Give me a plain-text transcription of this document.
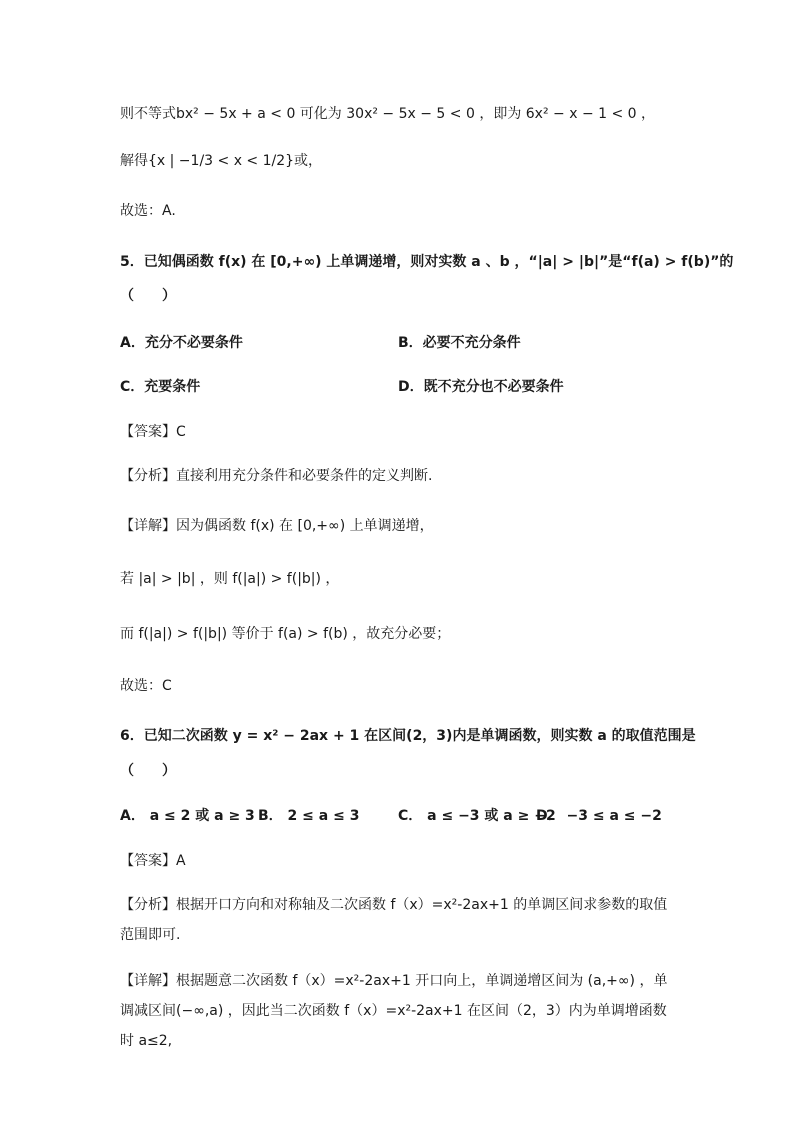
则不等式bx² − 5x + a < 0 可化为 30x² − 5x − 5 < 0 ，即为 6x² − x − 1 < 0 ，
解得{x | −1/3 < x < 1/2}或，
故选：A.
5．已知偶函数 f(x) 在 [0,+∞) 上单调递增，则对实数 a 、b ，“|a| > |b|”是“f(a) > f(b)”的
（　　）
A．充分不必要条件	B．必要不充分条件
C．充要条件	D．既不充分也不必要条件
【答案】C
【分析】直接利用充分条件和必要条件的定义判断.
【详解】因为偶函数 f(x) 在 [0,+∞) 上单调递增，
若 |a| > |b| ，则 f(|a|) > f(|b|) ，
而 f(|a|) > f(|b|) 等价于 f(a) > f(b) ，故充分必要；
故选：C
6．已知二次函数 y = x² − 2ax + 1 在区间(2，3)内是单调函数，则实数 a 的取值范围是
（　　）
A． a ≤ 2 或 a ≥ 3 B． 2 ≤ a ≤ 3	C． a ≤ −3 或 a ≥ −2
D． −3 ≤ a ≤ −2
【答案】A
【分析】根据开口方向和对称轴及二次函数 f（x）=x²-2ax+1 的单调区间求参数的取值范围即可.
【详解】根据题意二次函数 f（x）=x²-2ax+1 开口向上，单调递增区间为 (a,+∞) ，单调减区间(−∞,a) ，因此当二次函数 f（x）=x²-2ax+1 在区间（2，3）内为单调增函数时 a≤2,
